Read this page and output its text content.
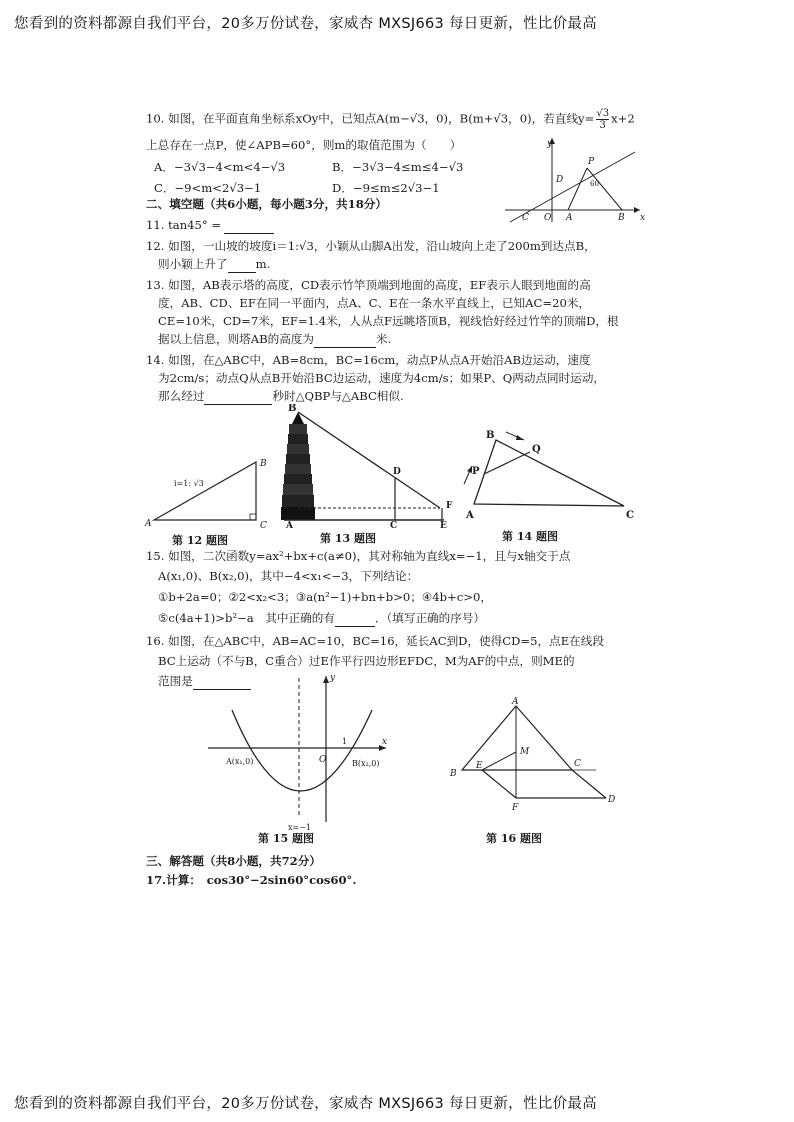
您看到的资料都源自我们平台，20多万份试卷，家威杏 MXSJ663 每日更新，性比价最高
10. 如图，在平面直角坐标系xOy中，已知点A(m−√3，0)，B(m+√3，0)，若直线$y= \frac{√3}{3} x+2$
上总存在一点P，使∠APB=60°，则m的取值范围为（　　）
A．−3√3−4<m<4−√3	B．−3√3−4≤m≤4−√3
C．−9<m<2√3−1	D．−9≤m≤2√3−1
y
x
P
D
C O A	B
60
二、填空题（共6小题，每小题3分，共18分）
11. tan45° =
12. 如图，一山坡的坡度i＝1:√3，小颖从山脚A出发，沿山坡向上走了200m到达点B，
则小颖上升了 m.
13. 如图，AB表示塔的高度，CD表示竹竿顶端到地面的高度，EF表示人眼到地面的高
度，AB、CD、EF在同一平面内，点A、C、E在一条水平直线上，已知AC=20米，
CE=10米，CD=7米，EF=1.4米，人从点F远眺塔顶B，视线恰好经过竹竿的顶端D，根
据以上信息，则塔AB的高度为	米.
14. 如图，在△ABC中，AB=8cm，BC=16cm，动点P从点A开始沿AB边运动，速度
为2cm/s；动点Q从点B开始沿BC边运动，速度为4cm/s；如果P、Q两动点同时运动，
那么经过	秒时△QBP与△ABC相似.
i=1: √3
A
B
C
第 12 题图
B
A
D
C
F
E
第 13 题图
B
Q
P
A	C
第 14 题图
15. 如图，二次函数y=ax²+bx+c(a≠0)，其对称轴为直线x=−1，且与x轴交于点
A(x₁,0)、B(x₂,0)，其中−4<x₁<−3，下列结论：
①b+2a=0；②2<x₂<3；③a(n²−1)+bn+b>0；④4b+c>0，
⑤c(4a+1)>b²−a　其中正确的有	．（填写正确的序号）
16. 如图，在△ABC中，AB=AC=10，BC=16，延长AC到D，使得CD=5，点E在线段
BC上运动（不与B，C重合）过E作平行四边形EFDC，M为AF的中点，则ME的
范围是	y
x
O
1
A(x₁,0)	B(x₂,0)
x=−1
第 15 题图
A
B
C
D
E
F
M
第 16 题图
三、解答题（共8小题，共72分）
17.计算：　cos30°−2sin60°cos60°.
您看到的资料都源自我们平台，20多万份试卷，家威杏 MXSJ663 每日更新，性比价最高
